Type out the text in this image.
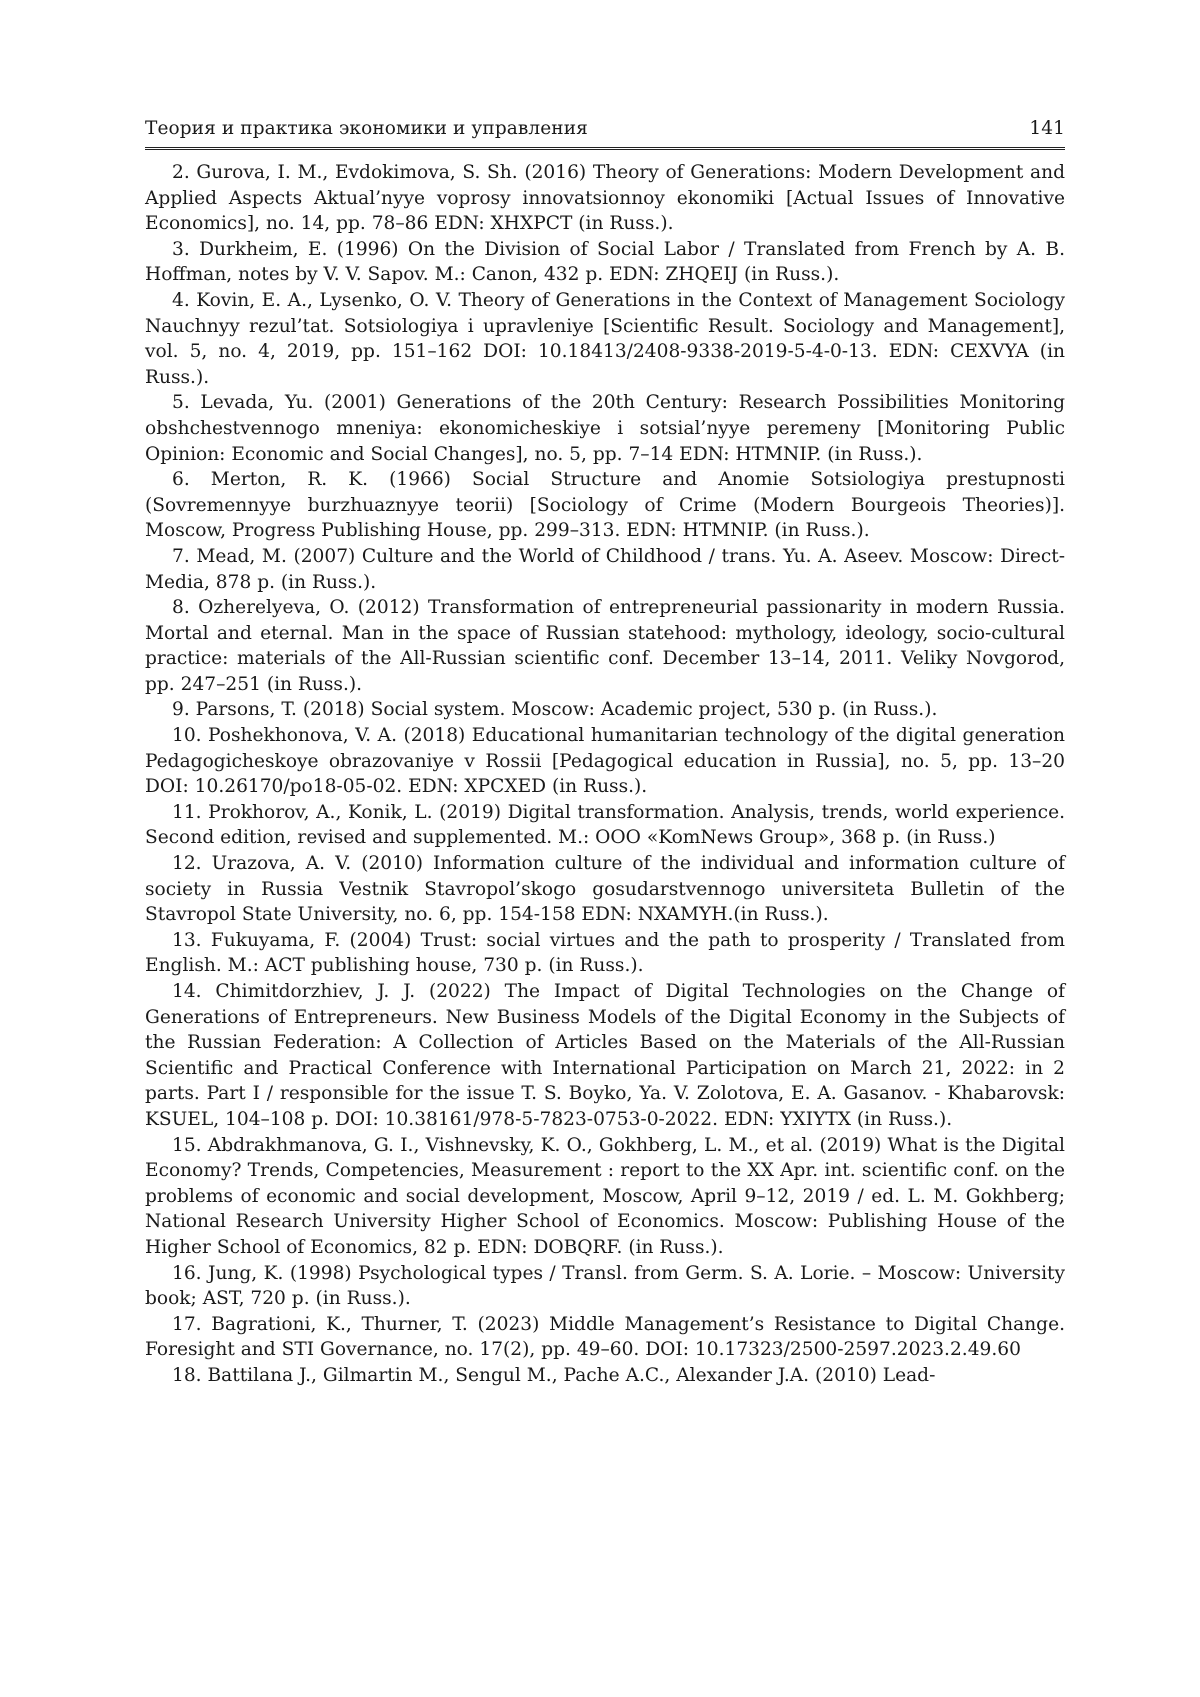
Теория и практика экономики и управления	141

2. Gurova, I. M., Evdokimova, S. Sh. (2016) Theory of Generations: Modern Development and Applied Aspects Aktual’nyye voprosy innovatsionnoy ekonomiki [Actual Issues of Innovative Economics], no. 14, pp. 78–86 EDN: XHXPCT (in Russ.).

3. Durkheim, E. (1996) On the Division of Social Labor / Translated from French by A. B. Hoffman, notes by V. V. Sapov. M.: Canon, 432 p. EDN: ZHQEIJ (in Russ.).

4. Kovin, E. A., Lysenko, O. V. Theory of Generations in the Context of Management Sociology Nauchnyy rezul’tat. Sotsiologiya i upravleniye [Scientific Result. Sociology and Management], vol. 5, no. 4, 2019, pp. 151–162 DOI: 10.18413/2408-9338-2019-5-4-0-13. EDN: CEXVYA (in Russ.).

5. Levada, Yu. (2001) Generations of the 20th Century: Research Possibilities Monitoring obshchestvennogo mneniya: ekonomicheskiye i sotsial’nyye peremeny [Monitoring Public Opinion: Economic and Social Changes], no. 5, pp. 7–14 EDN: HTMNIP. (in Russ.).

6. Merton, R. K. (1966) Social Structure and Anomie Sotsiologiya prestupnosti (Sovremennyye burzhuaznyye teorii) [Sociology of Crime (Modern Bourgeois Theories)]. Moscow, Progress Publishing House, pp. 299–313. EDN: HTMNIP. (in Russ.).

7. Mead, M. (2007) Culture and the World of Childhood / trans. Yu. A. Aseev. Moscow: Direct-Media, 878 p. (in Russ.).

8. Ozherelyeva, O. (2012) Transformation of entrepreneurial passionarity in modern Russia. Mortal and eternal. Man in the space of Russian statehood: mythology, ideology, socio-cultural practice: materials of the All-Russian scientific conf. December 13–14, 2011. Veliky Novgorod, pp. 247–251 (in Russ.).

9. Parsons, T. (2018) Social system. Moscow: Academic project, 530 p. (in Russ.).

10. Poshekhonova, V. A. (2018) Educational humanitarian technology of the digital generation Pedagogicheskoye obrazovaniye v Rossii [Pedagogical education in Russia], no. 5, pp. 13–20 DOI: 10.26170/po18-05-02. EDN: XPCXED (in Russ.).

11. Prokhorov, A., Konik, L. (2019) Digital transformation. Analysis, trends, world experience. Second edition, revised and supplemented. M.: OOO «KomNews Group», 368 p. (in Russ.)

12. Urazova, A. V. (2010) Information culture of the individual and information culture of society in Russia Vestnik Stavropol’skogo gosudarstvennogo universiteta Bulletin of the Stavropol State University, no. 6, pp. 154-158 EDN: NXAMYH.(in Russ.).

13. Fukuyama, F. (2004) Trust: social virtues and the path to prosperity / Translated from English. M.: ACT publishing house, 730 p. (in Russ.).

14. Chimitdorzhiev, J. J. (2022) The Impact of Digital Technologies on the Change of Generations of Entrepreneurs. New Business Models of the Digital Economy in the Subjects of the Russian Federation: A Collection of Articles Based on the Materials of the All-Russian Scientific and Practical Conference with International Participation on March 21, 2022: in 2 parts. Part I / responsible for the issue T. S. Boyko, Ya. V. Zolotova, E. A. Gasanov. - Khabarovsk: KSUEL, 104–108 p. DOI: 10.38161/978-5-7823-0753-0-2022. EDN: YXIYTX (in Russ.).

15. Abdrakhmanova, G. I., Vishnevsky, K. O., Gokhberg, L. M., et al. (2019) What is the Digital Economy? Trends, Competencies, Measurement : report to the XX Apr. int. scientific conf. on the problems of economic and social development, Moscow, April 9–12, 2019 / ed. L. M. Gokhberg; National Research University Higher School of Economics. Moscow: Publishing House of the Higher School of Economics, 82 p. EDN: DOBQRF. (in Russ.).

16. Jung, K. (1998) Psychological types / Transl. from Germ. S. A. Lorie. – Moscow: University book; AST, 720 p. (in Russ.).

17. Bagrationi, K., Thurner, T. (2023) Middle Management’s Resistance to Digital Change. Foresight and STI Governance, no. 17(2), pp. 49–60. DOI: 10.17323/2500-2597.2023.2.49.60

18. Battilana J., Gilmartin M., Sengul M., Pache A.C., Alexander J.A. (2010) Lead-
